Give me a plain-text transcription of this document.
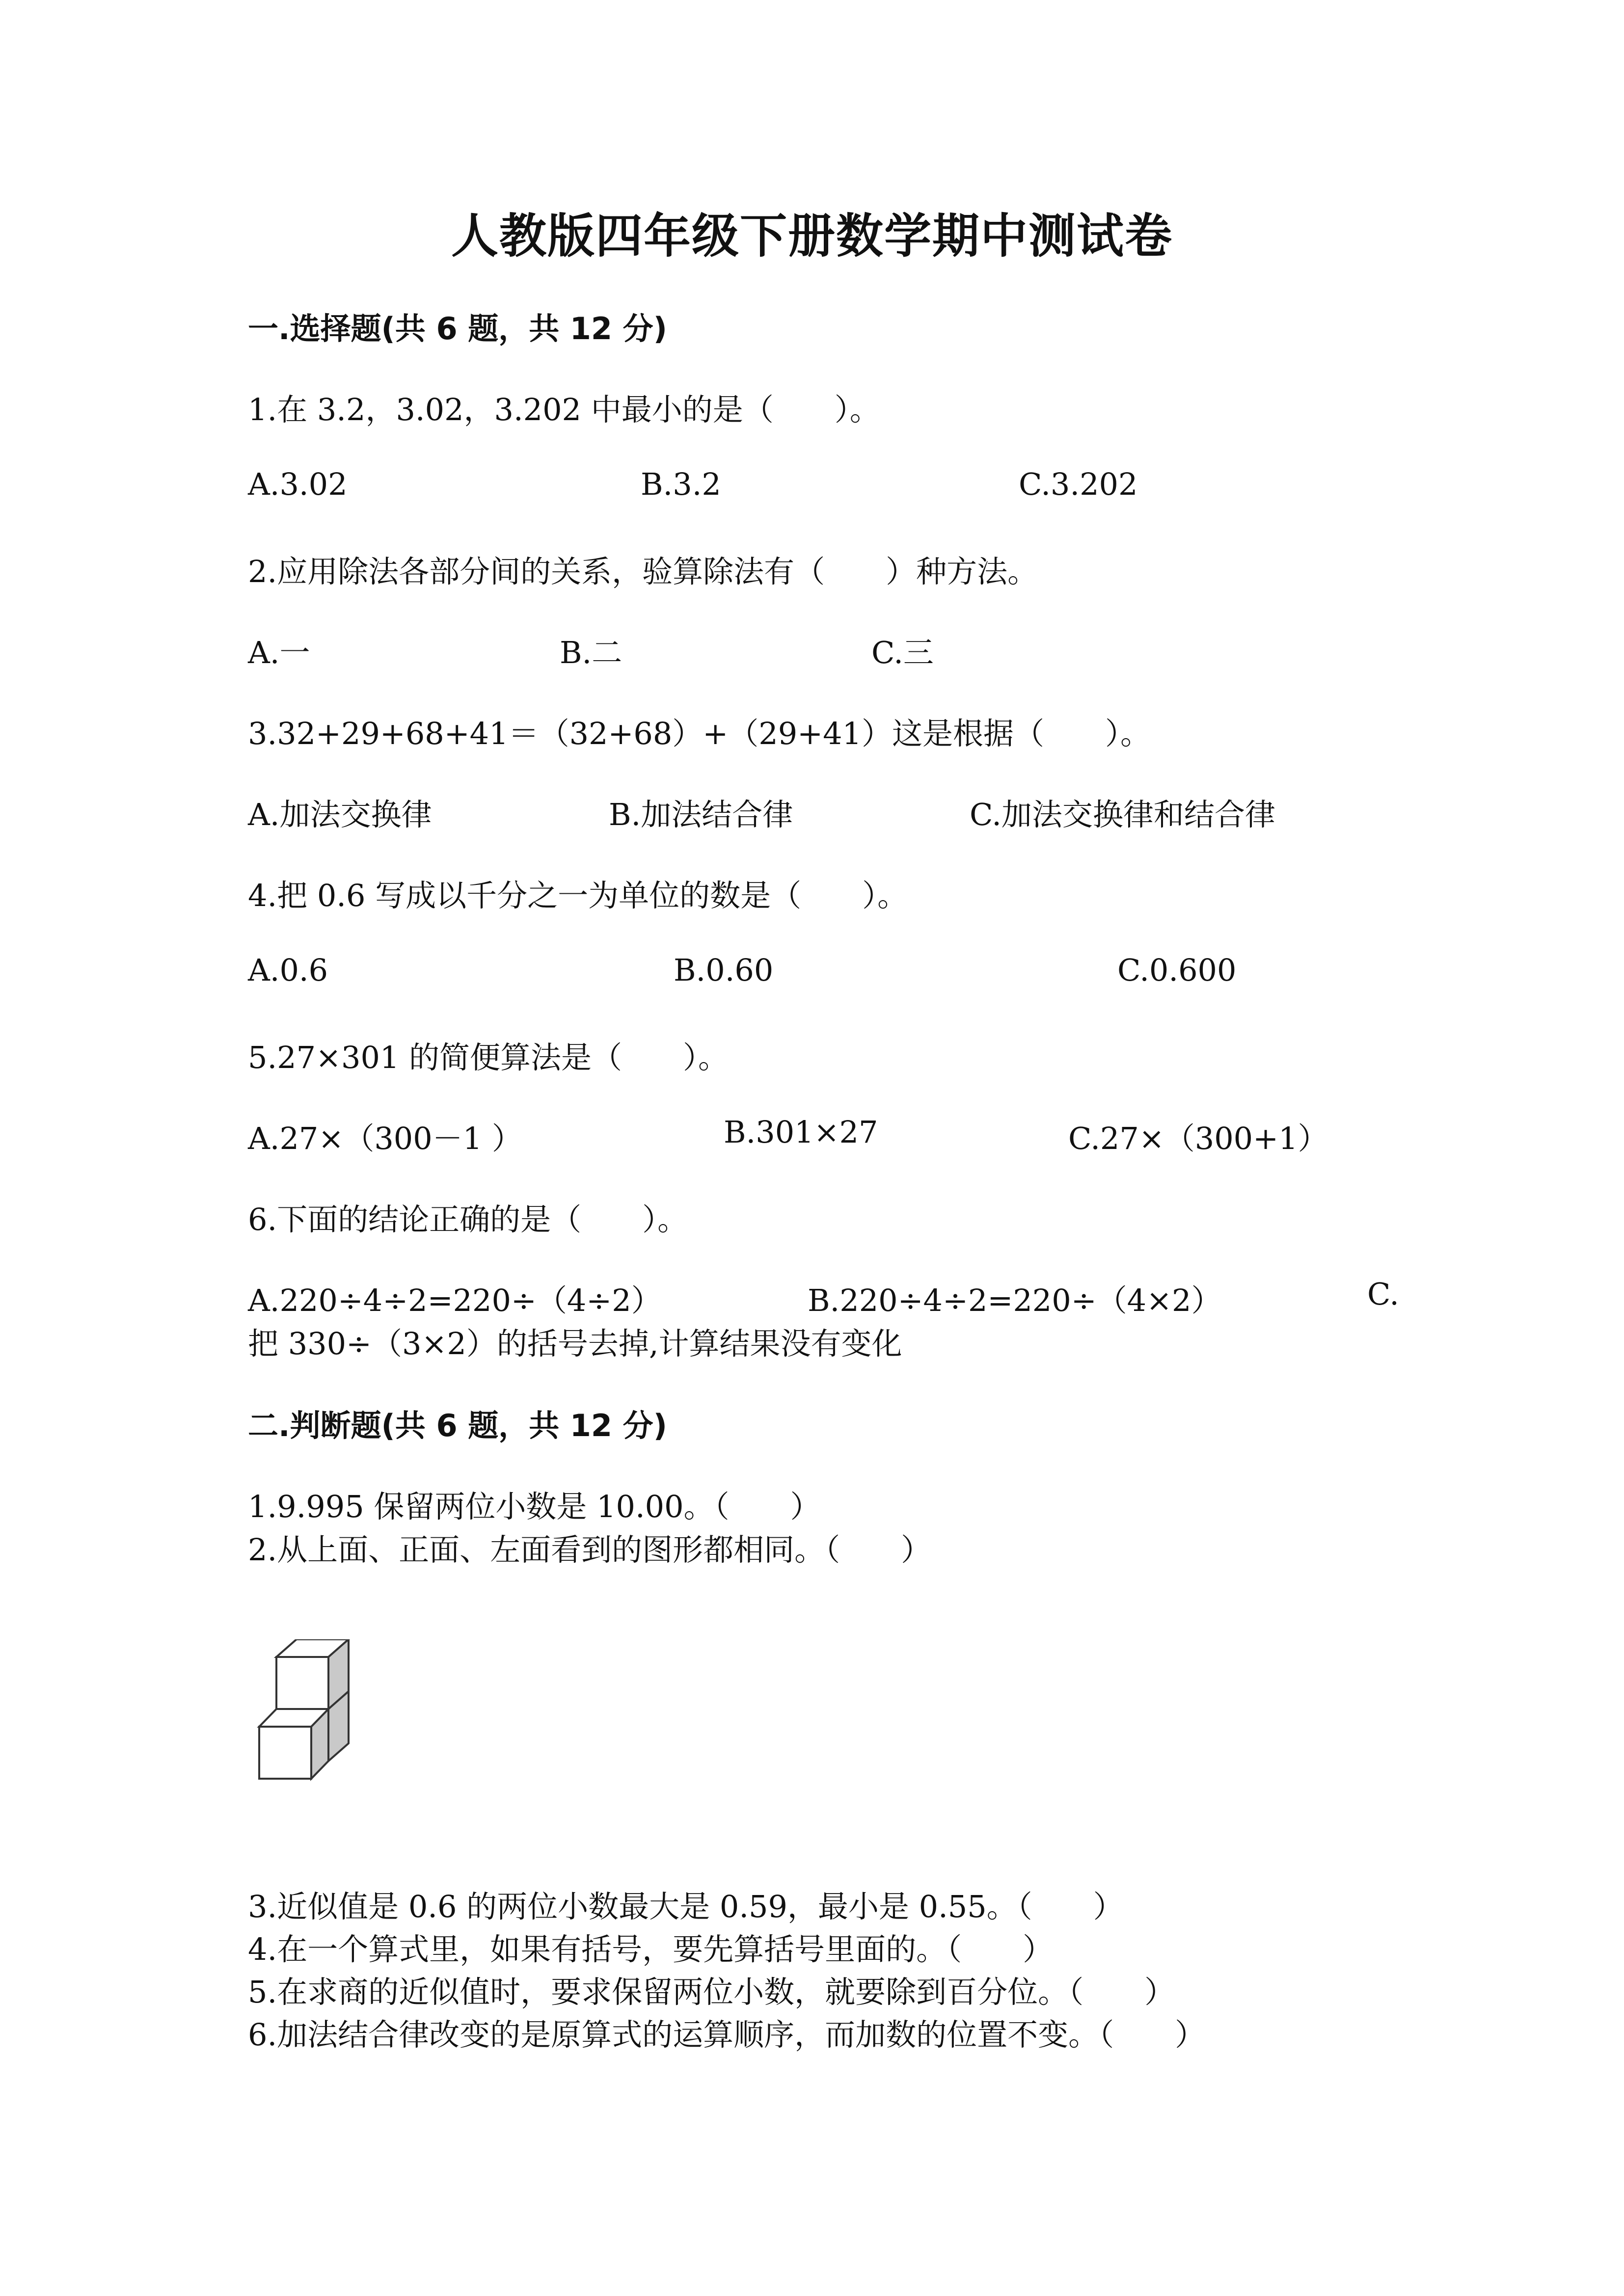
人教版四年级下册数学期中测试卷
一.选择题(共 6 题，共 12 分)
1.在 3.2，3.02，3.202 中最小的是（　　）。
A.3.02	B.3.2	C.3.202
2.应用除法各部分间的关系，验算除法有（　　）种方法。
A.一	B.二	C.三
3.32+29+68+41＝（32+68）+（29+41）这是根据（　　）。
A.加法交换律	B.加法结合律	C.加法交换律和结合律
4.把 0.6 写成以千分之一为单位的数是（　　）。
A.0.6	B.0.60	C.0.600
5.27×301 的简便算法是（　　）。
A.27×（300－1 ）	B.301×27	C.27×（300+1）
6.下面的结论正确的是（　　）。
A.220÷4÷2=220÷（4÷2）	B.220÷4÷2=220÷（4×2）	C.
把 330÷（3×2）的括号去掉,计算结果没有变化
二.判断题(共 6 题，共 12 分)
1.9.995 保留两位小数是 10.00。（　　）
2.从上面、正面、左面看到的图形都相同。（　　）
3.近似值是 0.6 的两位小数最大是 0.59，最小是 0.55。（　　）
4.在一个算式里，如果有括号，要先算括号里面的。（　　）
5.在求商的近似值时，要求保留两位小数，就要除到百分位。（　　）
6.加法结合律改变的是原算式的运算顺序，而加数的位置不变。（　　）
